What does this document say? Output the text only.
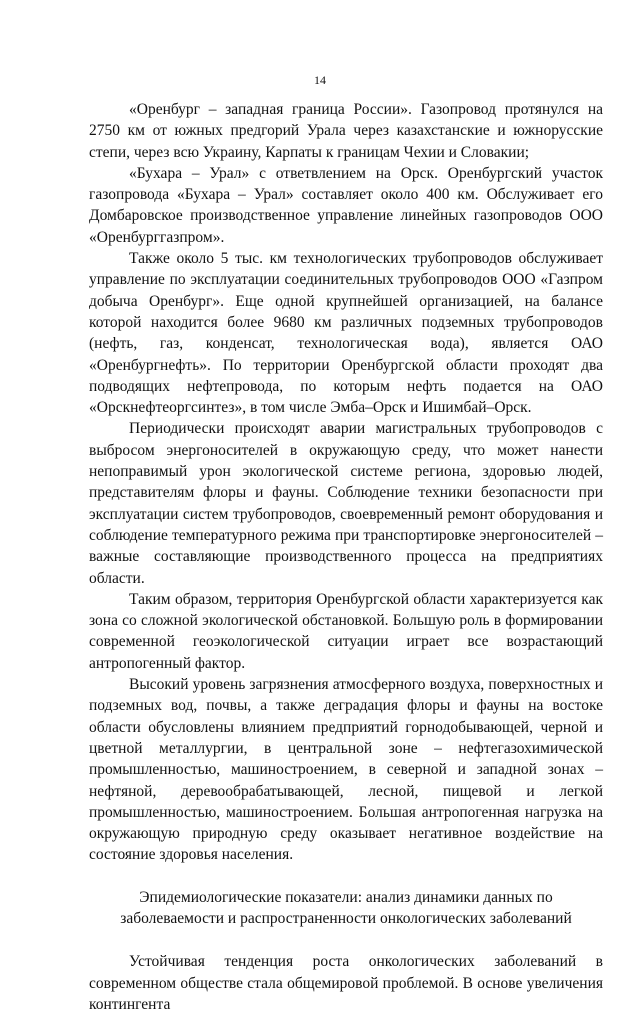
14

«Оренбург – западная граница России». Газопровод протянулся на 2750 км от южных предгорий Урала через казахстанские и южнорусские степи, через всю Украину, Карпаты к границам Чехии и Словакии;

«Бухара – Урал» с ответвлением на Орск. Оренбургский участок газопровода «Бухара – Урал» составляет около 400 км. Обслуживает его Домбаровское производственное управление линейных газопроводов ООО «Оренбурггазпром».

Также около 5 тыс. км технологических трубопроводов обслуживает управление по эксплуатации соединительных трубопроводов ООО «Газпром добыча Оренбург». Еще одной крупнейшей организацией, на балансе которой находится более 9680 км различных подземных трубопроводов (нефть, газ, конденсат, технологическая вода), является ОАО «Оренбургнефть». По территории Оренбургской области проходят два подводящих нефтепровода, по которым нефть подается на ОАО «Орскнефтеоргсинтез», в том числе Эмба–Орск и Ишимбай–Орск.

Периодически происходят аварии магистральных трубопроводов с выбросом энергоносителей в окружающую среду, что может нанести непоправимый урон экологической системе региона, здоровью людей, представителям флоры и фауны. Соблюдение техники безопасности при эксплуатации систем трубопроводов, своевременный ремонт оборудования и соблюдение температурного режима при транспортировке энергоносителей – важные составляющие производственного процесса на предприятиях области.

Таким образом, территория Оренбургской области характеризуется как зона со сложной экологической обстановкой. Большую роль в формировании современной геоэкологической ситуации играет все возрастающий антропогенный фактор.

Высокий уровень загрязнения атмосферного воздуха, поверхностных и подземных вод, почвы, а также деградация флоры и фауны на востоке области обусловлены влиянием предприятий горнодобывающей, черной и цветной металлургии, в центральной зоне – нефтегазохимической промышленностью, машиностроением, в северной и западной зонах – нефтяной, деревообрабатывающей, лесной, пищевой и легкой промышленностью, машиностроением. Большая антропогенная нагрузка на окружающую природную среду оказывает негативное воздействие на состояние здоровья населения.

Эпидемиологические показатели: анализ динамики данных по
заболеваемости и распространенности онкологических заболеваний

Устойчивая тенденция роста онкологических заболеваний в современном обществе стала общемировой проблемой. В основе увеличения контингента
